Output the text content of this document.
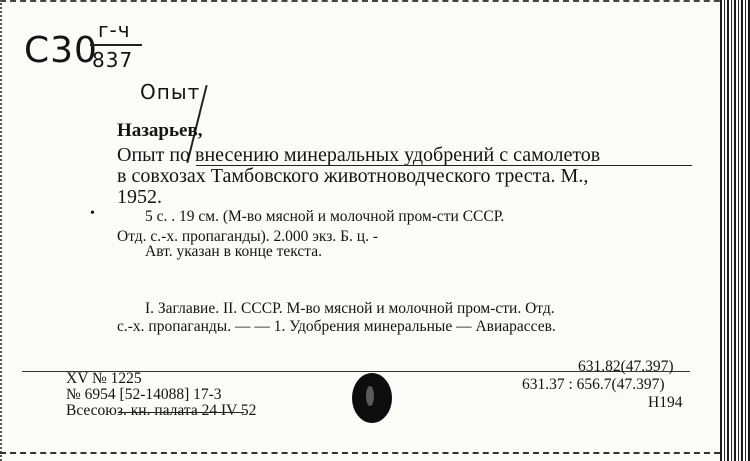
С30 г-ч
837
Опыт
Назарьев,
Опыт по внесению минеральных удобрений с самолетов
в совхозах Тамбовского животноводческого треста. М.,
1952.
•	5 с. . 19 см. (М-во мясной и молочной пром-сти СССР.
Отд. с.-х. пропаганды). 2.000 экз. Б. ц. -
Авт. указан в конце текста.
I. Заглавие. II. СССР. М-во мясной и молочной пром-сти. Отд.
с.-х. пропаганды. — — 1. Удобрения минеральные — Авиарассев.
XV № 1225
№ 6954 [52-14088] 17-3
Всесоюз. кн. палата 24 IV 52
631.82(47.397)
631.37 : 656.7(47.397)
Н194
